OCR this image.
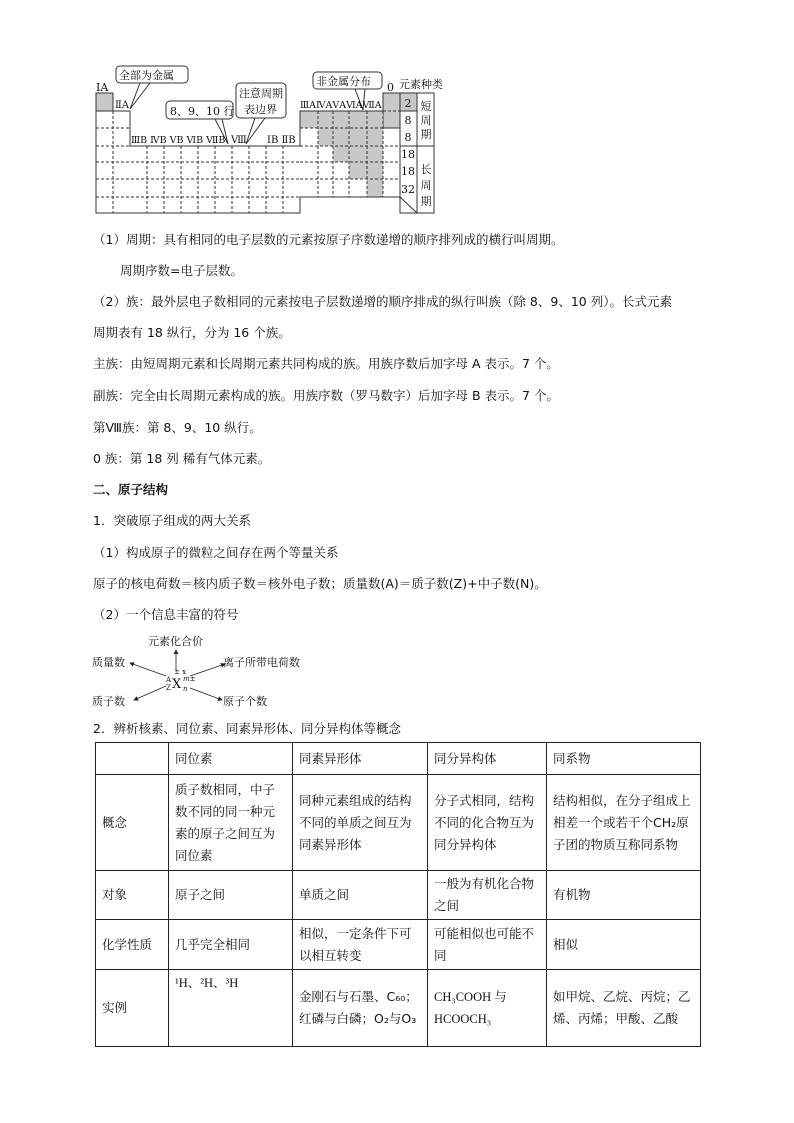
ⅠA
ⅡA
ⅢB ⅣB ⅤB ⅥB ⅦB Ⅷ ⅠB ⅡB
ⅢAⅣAⅤAⅥAⅦA
0 元素种类
全部为金属
8、9、10 行
注意周期
表边界
非金属分布
2
8
8
18
18
32
短
周
期
长
周
期
（1）周期：具有相同的电子层数的元素按原子序数递增的顺序排列成的横行叫周期。
周期序数=电子层数。
（2）族：最外层电子数相同的元素按电子层数递增的顺序排成的纵行叫族（除 8、9、10 列）。长式元素
周期表有 18 纵行，分为 16 个族。
主族：由短周期元素和长周期元素共同构成的族。用族序数后加字母 A 表示。7 个。
副族：完全由长周期元素构成的族。用族序数（罗马数字）后加字母 B 表示。7 个。
第Ⅷ族：第 8、9、10 纵行。
0 族：第 18 列 稀有气体元素。
二、原子结构
1．突破原子组成的两大关系
（1）构成原子的微粒之间存在两个等量关系
原子的核电荷数＝核内质子数＝核外电子数；质量数(A)＝质子数(Z)+中子数(N)。
（2）一个信息丰富的符号
元素化合价
质量数	离子所带电荷数
质子数	原子个数
± x
A
Z X m±
n
2．辨析核素、同位素、同素异形体、同分异构体等概念
	同位素	同素异形体	同分异构体	同系物
概念	质子数相同，中子数不同的同一种元素的原子之间互为同位素	同种元素组成的结构不同的单质之间互为同素异形体	分子式相同，结构不同的化合物互为同分异构体	结构相似，在分子组成上相差一个或若干个CH₂原子团的物质互称同系物
对象	原子之间	单质之间	一般为有机化合物之间	有机物
化学性质	几乎完全相同	相似，一定条件下可以相互转变	可能相似也可能不同	相似
实例	¹H、²H、³H	金刚石与石墨、C₆₀；红磷与白磷；O₂与O₃	CH₃COOH 与 HCOOCH₃	如甲烷、乙烷、丙烷；乙烯、丙烯；甲酸、乙酸
